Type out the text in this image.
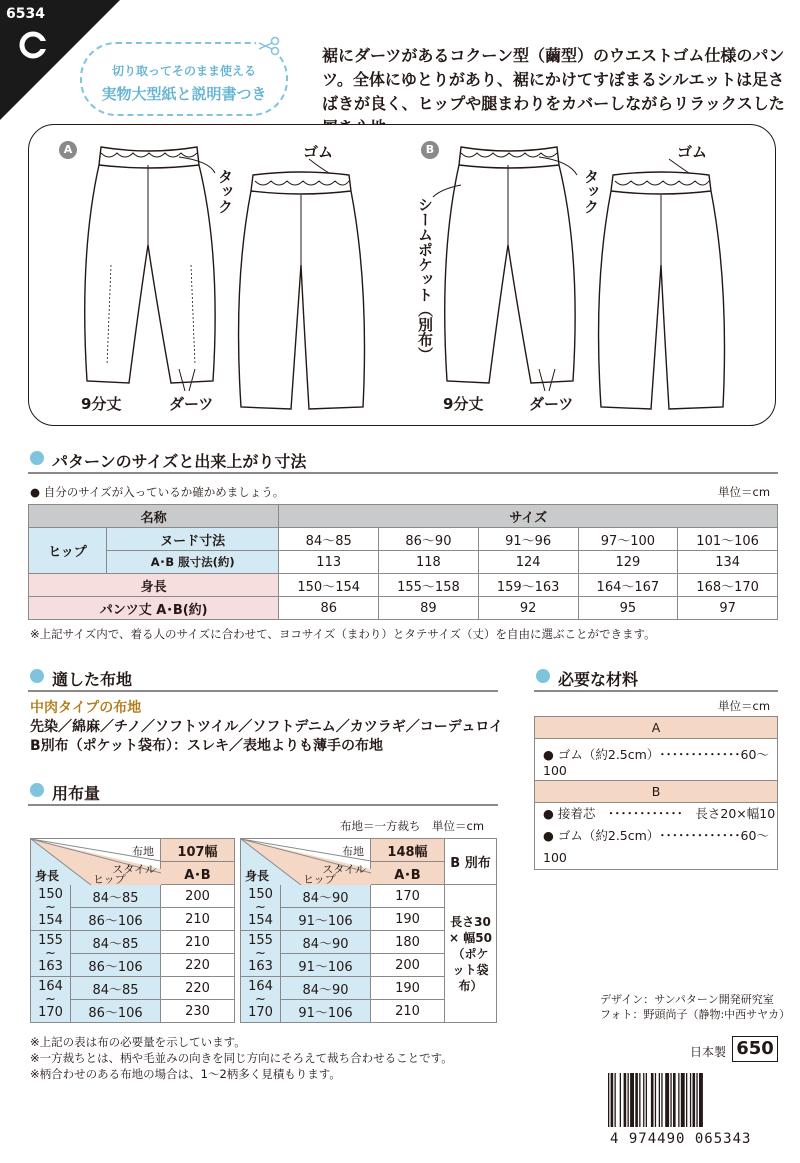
6534
切り取ってそのまま使える
実物大型紙と説明書つき
裾にダーツがあるコクーン型（繭型）のウエストゴム仕様のパンツ。全体にゆとりがあり、裾にかけてすぼまるシルエットは足さばきが良く、ヒップや腿まわりをカバーしながらリラックスした
A	B
タック
ゴム
9分丈	ダーツ
タック
ゴム
シームポケット（別布）
9分丈	ダーツ
パターンのサイズと出来上がり寸法
● 自分のサイズが入っているか確かめましょう。	単位＝cm
名称		サイズ				
ヒップ	ヌード寸法	84〜85	86〜90	91〜96	97〜100	101〜106
	A･B 服寸法(約)	113	118	124	129	134
身長		150〜154	155〜158	159〜163	164〜167	168〜170
パンツ丈 A･B(約)		86	89	92	95	97
※上記サイズ内で、着る人のサイズに合わせて、ヨコサイズ（まわり）とタテサイズ（丈）を自由に選ぶことができます。
適した布地
中肉タイプの布地
先染／綿麻／チノ／ソフトツイル／ソフトデニム／カツラギ／コーデュロイ
B別布（ポケット袋布）：スレキ／表地よりも薄手の布地
必要な材料
単位＝cm
A
● ゴム（約2.5cm）･････････････60〜100
B

● 接着芯　････････････　長さ20×幅10
● ゴム（約2.5cm）･････････････60〜100
用布量
布地＝一方裁ち　単位＝cm
布地
スタイル
ヒップ
身長		107幅
		A･B
150
~
154	84〜85	200
	86〜106	210
155
~
163	84〜85	210
	86〜106	220
164
~
170	84〜85	220
	86〜106	230
布地
スタイル
ヒップ
身長		148幅	B 別布
		A･B	
150
~
154	84〜90	170	長さ30 × 幅50（ポケット袋布）
	91〜106	190	
155
~
163	84〜90	180	
	91〜106	200	
164
~
170	84〜90	190	
	91〜106	210	
※上記の表は布の必要量を示しています。
※一方裁ちとは、柄や毛並みの向きを同じ方向にそろえて裁ち合わせることです。
※柄合わせのある布地の場合は、1〜2柄多く見積もります。
デザイン：サンパターン開発研究室
フォト：野頭尚子（静物:中西サヤカ）
日本製 650
4 974490 065343
